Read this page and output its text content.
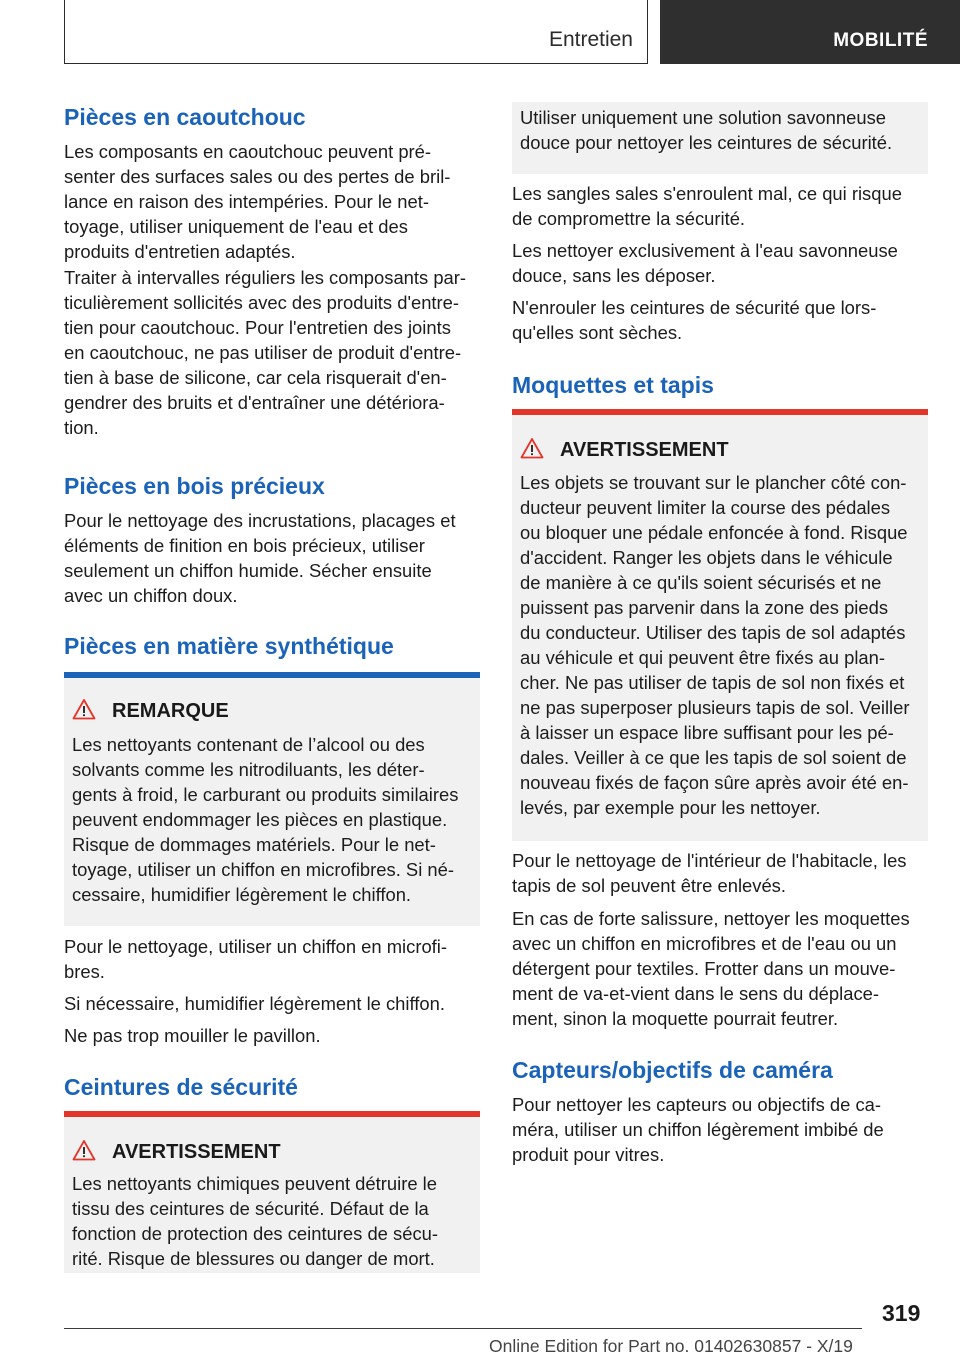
Entretien	MOBILITÉ
Pièces en caoutchouc

Les composants en caoutchouc peuvent pré-
senter des surfaces sales ou des pertes de bril-
lance en raison des intempéries. Pour le net-
toyage, utiliser uniquement de l'eau et des
produits d'entretien adaptés.

Traiter à intervalles réguliers les composants par-
ticulièrement sollicités avec des produits d'entre-
tien pour caoutchouc. Pour l'entretien des joints
en caoutchouc, ne pas utiliser de produit d'entre-
tien à base de silicone, car cela risquerait d'en-
gendrer des bruits et d'entraîner une détériora-
tion.

Pièces en bois précieux

Pour le nettoyage des incrustations, placages et
éléments de finition en bois précieux, utiliser
seulement un chiffon humide. Sécher ensuite
avec un chiffon doux.

Pièces en matière synthétique
REMARQUE

Les nettoyants contenant de l’alcool ou des
solvants comme les nitrodiluants, les déter-
gents à froid, le carburant ou produits similaires
peuvent endommager les pièces en plastique.
Risque de dommages matériels. Pour le net-
toyage, utiliser un chiffon en microfibres. Si né-
cessaire, humidifier légèrement le chiffon.

Pour le nettoyage, utiliser un chiffon en microfi-
bres.

Si nécessaire, humidifier légèrement le chiffon.

Ne pas trop mouiller le pavillon.

Ceintures de sécurité
AVERTISSEMENT

Les nettoyants chimiques peuvent détruire le
tissu des ceintures de sécurité. Défaut de la
fonction de protection des ceintures de sécu-
rité. Risque de blessures ou danger de mort.

Utiliser uniquement une solution savonneuse
douce pour nettoyer les ceintures de sécurité.

Les sangles sales s'enroulent mal, ce qui risque
de compromettre la sécurité.

Les nettoyer exclusivement à l'eau savonneuse
douce, sans les déposer.

N'enrouler les ceintures de sécurité que lors-
qu'elles sont sèches.

Moquettes et tapis
AVERTISSEMENT

Les objets se trouvant sur le plancher côté con-
ducteur peuvent limiter la course des pédales
ou bloquer une pédale enfoncée à fond. Risque
d'accident. Ranger les objets dans le véhicule
de manière à ce qu'ils soient sécurisés et ne
puissent pas parvenir dans la zone des pieds
du conducteur. Utiliser des tapis de sol adaptés
au véhicule et qui peuvent être fixés au plan-
cher. Ne pas utiliser de tapis de sol non fixés et
ne pas superposer plusieurs tapis de sol. Veiller
à laisser un espace libre suffisant pour les pé-
dales. Veiller à ce que les tapis de sol soient de
nouveau fixés de façon sûre après avoir été en-
levés, par exemple pour les nettoyer.

Pour le nettoyage de l'intérieur de l'habitacle, les
tapis de sol peuvent être enlevés.

En cas de forte salissure, nettoyer les moquettes
avec un chiffon en microfibres et de l'eau ou un
détergent pour textiles. Frotter dans un mouve-
ment de va-et-vient dans le sens du déplace-
ment, sinon la moquette pourrait feutrer.

Capteurs/objectifs de caméra

Pour nettoyer les capteurs ou objectifs de ca-
méra, utiliser un chiffon légèrement imbibé de
produit pour vitres.

319
Online Edition for Part no. 01402630857 - X/19
